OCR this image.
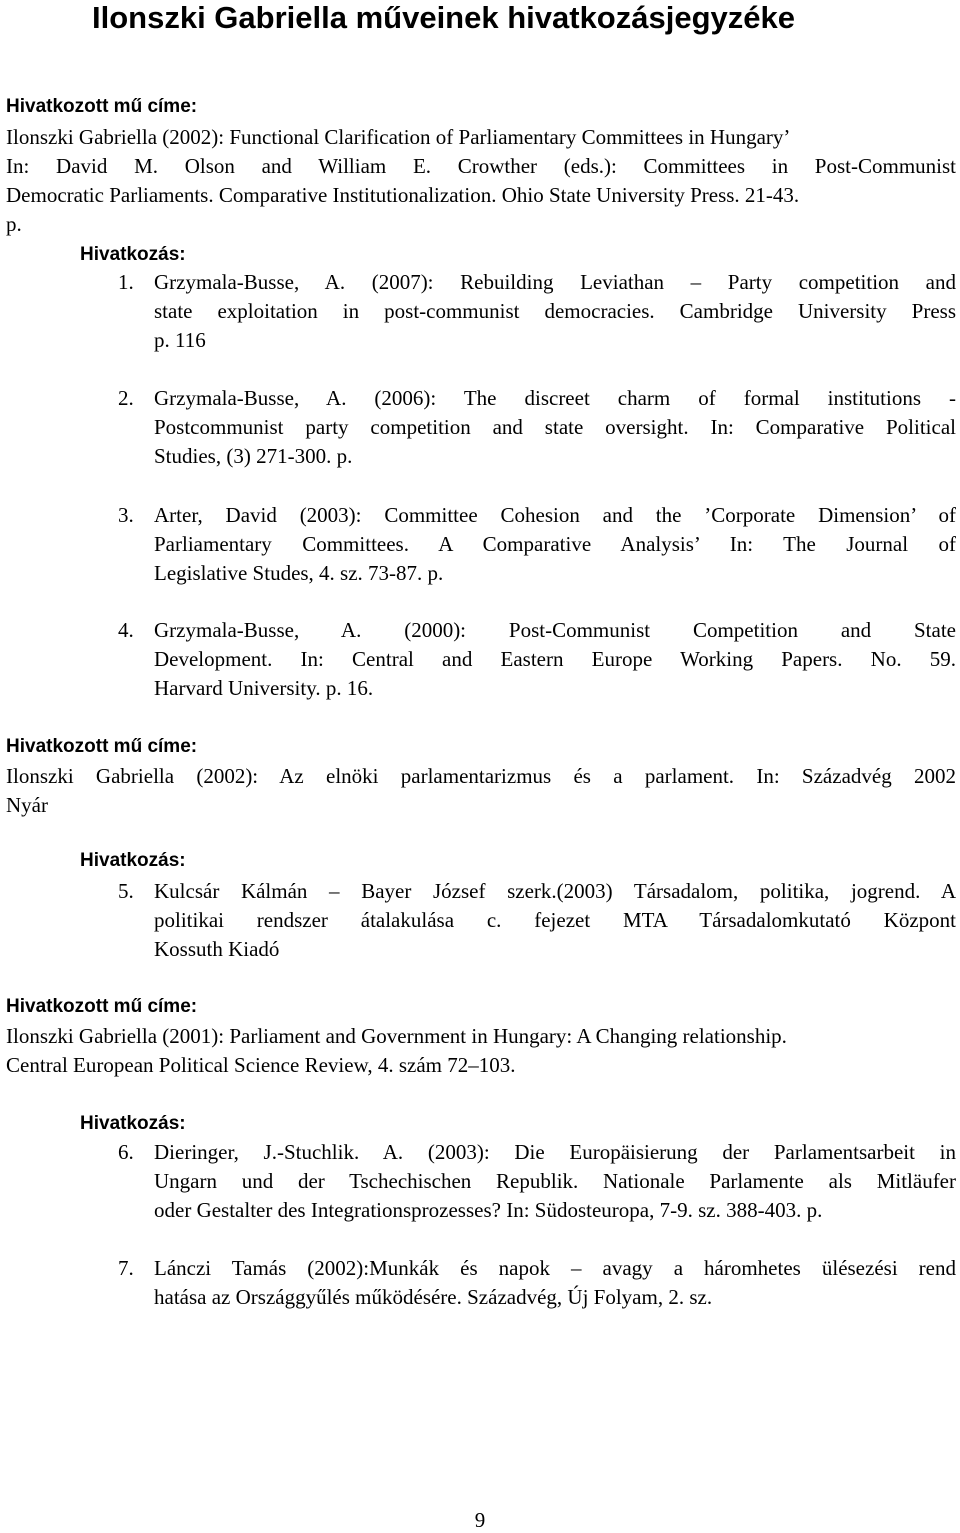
Ilonszki Gabriella műveinek hivatkozásjegyzéke
Hivatkozott mű címe:
Ilonszki Gabriella (2002): Functional Clarification of Parliamentary Committees in Hungary’
In: David M. Olson and William E. Crowther (eds.): Committees in Post-Communist
Democratic Parliaments. Comparative Institutionalization. Ohio State University Press. 21-43.
p.
Hivatkozás:
1. Grzymala-Busse, A. (2007): Rebuilding Leviathan – Party competition and
state exploitation in post-communist democracies. Cambridge University Press
p. 116
2. Grzymala-Busse, A. (2006): The discreet charm of formal institutions -
Postcommunist party competition and state oversight. In: Comparative Political
Studies, (3) 271-300. p.
3. Arter, David (2003): Committee Cohesion and the ’Corporate Dimension’ of
Parliamentary Committees. A Comparative Analysis’ In: The Journal of
Legislative Studes, 4. sz. 73-87. p.
4. Grzymala-Busse, A. (2000): Post-Communist Competition and State
Development. In: Central and Eastern Europe Working Papers. No. 59.
Harvard University. p. 16.
Hivatkozott mű címe:
Ilonszki Gabriella (2002): Az elnöki parlamentarizmus és a parlament. In: Századvég 2002
Nyár
Hivatkozás:
5. Kulcsár Kálmán – Bayer József szerk.(2003) Társadalom, politika, jogrend. A
politikai rendszer átalakulása c. fejezet MTA Társadalomkutató Központ
Kossuth Kiadó
Hivatkozott mű címe:
Ilonszki Gabriella (2001): Parliament and Government in Hungary: A Changing relationship.
Central European Political Science Review, 4. szám 72–103.
Hivatkozás:
6. Dieringer, J.-Stuchlik. A. (2003): Die Europäisierung der Parlamentsarbeit in
Ungarn und der Tschechischen Republik. Nationale Parlamente als Mitläufer
oder Gestalter des Integrationsprozesses? In: Südosteuropa, 7-9. sz. 388-403. p.
7. Lánczi Tamás (2002):Munkák és napok – avagy a háromhetes ülésezési rend
hatása az Országgyűlés működésére. Századvég, Új Folyam, 2. sz.
9
